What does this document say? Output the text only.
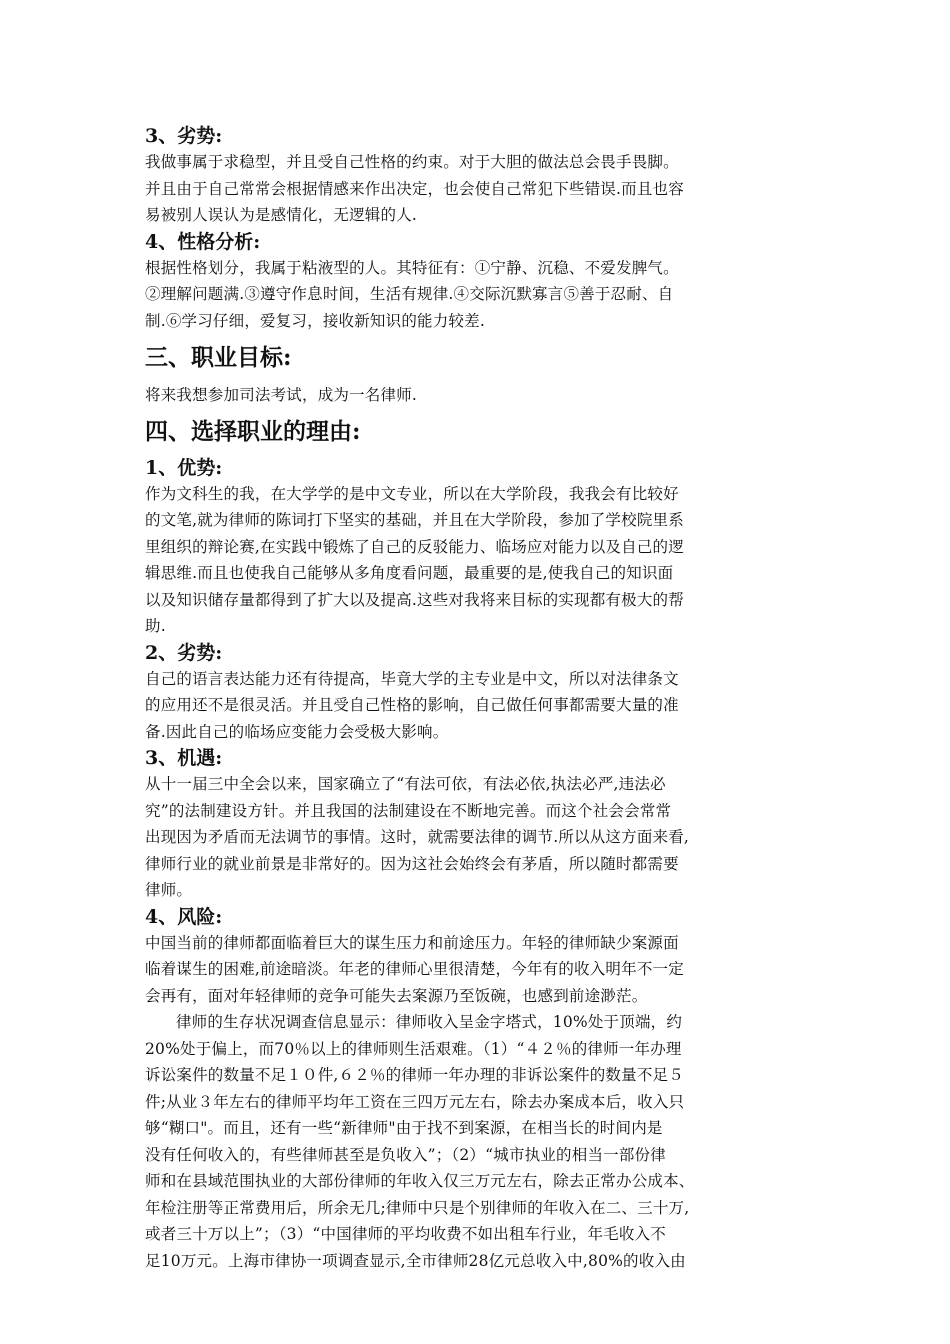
3、劣势:
我做事属于求稳型，并且受自己性格的约束。对于大胆的做法总会畏手畏脚。
并且由于自己常常会根据情感来作出决定，也会使自己常犯下些错误.而且也容
易被别人误认为是感情化，无逻辑的人.
4、性格分析:
根据性格划分，我属于粘液型的人。其特征有：①宁静、沉稳、不爱发脾气。
②理解问题满.③遵守作息时间，生活有规律.④交际沉默寡言⑤善于忍耐、自
制.⑥学习仔细，爱复习，接收新知识的能力较差.
三、职业目标:
将来我想参加司法考试，成为一名律师.
四、选择职业的理由:
1、优势:
作为文科生的我，在大学学的是中文专业，所以在大学阶段，我我会有比较好
的文笔,就为律师的陈词打下坚实的基础，并且在大学阶段，参加了学校院里系
里组织的辩论赛,在实践中锻炼了自己的反驳能力、临场应对能力以及自己的逻
辑思维.而且也使我自己能够从多角度看问题，最重要的是,使我自己的知识面
以及知识储存量都得到了扩大以及提高.这些对我将来目标的实现都有极大的帮
助.
2、劣势:
自己的语言表达能力还有待提高，毕竟大学的主专业是中文，所以对法律条文
的应用还不是很灵活。并且受自己性格的影响，自己做任何事都需要大量的准
备.因此自己的临场应变能力会受极大影响。
3、机遇:
从十一届三中全会以来，国家确立了“有法可依，有法必依,执法必严,违法必
究”的法制建设方针。并且我国的法制建设在不断地完善。而这个社会会常常
出现因为矛盾而无法调节的事情。这时，就需要法律的调节.所以从这方面来看,
律师行业的就业前景是非常好的。因为这社会始终会有茅盾，所以随时都需要
律师。
4、风险:
中国当前的律师都面临着巨大的谋生压力和前途压力。年轻的律师缺少案源面
临着谋生的困难,前途暗淡。年老的律师心里很清楚，今年有的收入明年不一定
会再有，面对年轻律师的竞争可能失去案源乃至饭碗，也感到前途渺茫。
律师的生存状况调查信息显示：律师收入呈金字塔式，10%处于顶端，约
20%处于偏上，而70％以上的律师则生活艰难。（1）“４２％的律师一年办理
诉讼案件的数量不足１０件,６２％的律师一年办理的非诉讼案件的数量不足５
件;从业３年左右的律师平均年工资在三四万元左右，除去办案成本后，收入只
够“糊口"。而且，还有一些“新律师"由于找不到案源，在相当长的时间内是
没有任何收入的，有些律师甚至是负收入”；（2）“城市执业的相当一部份律
师和在县域范围执业的大部份律师的年收入仅三万元左右，除去正常办公成本、
年检注册等正常费用后，所余无几;律师中只是个别律师的年收入在二、三十万,
或者三十万以上”；（3）“中国律师的平均收费不如出租车行业，年毛收入不
足10万元。上海市律协一项调查显示,全市律师28亿元总收入中,80%的收入由
